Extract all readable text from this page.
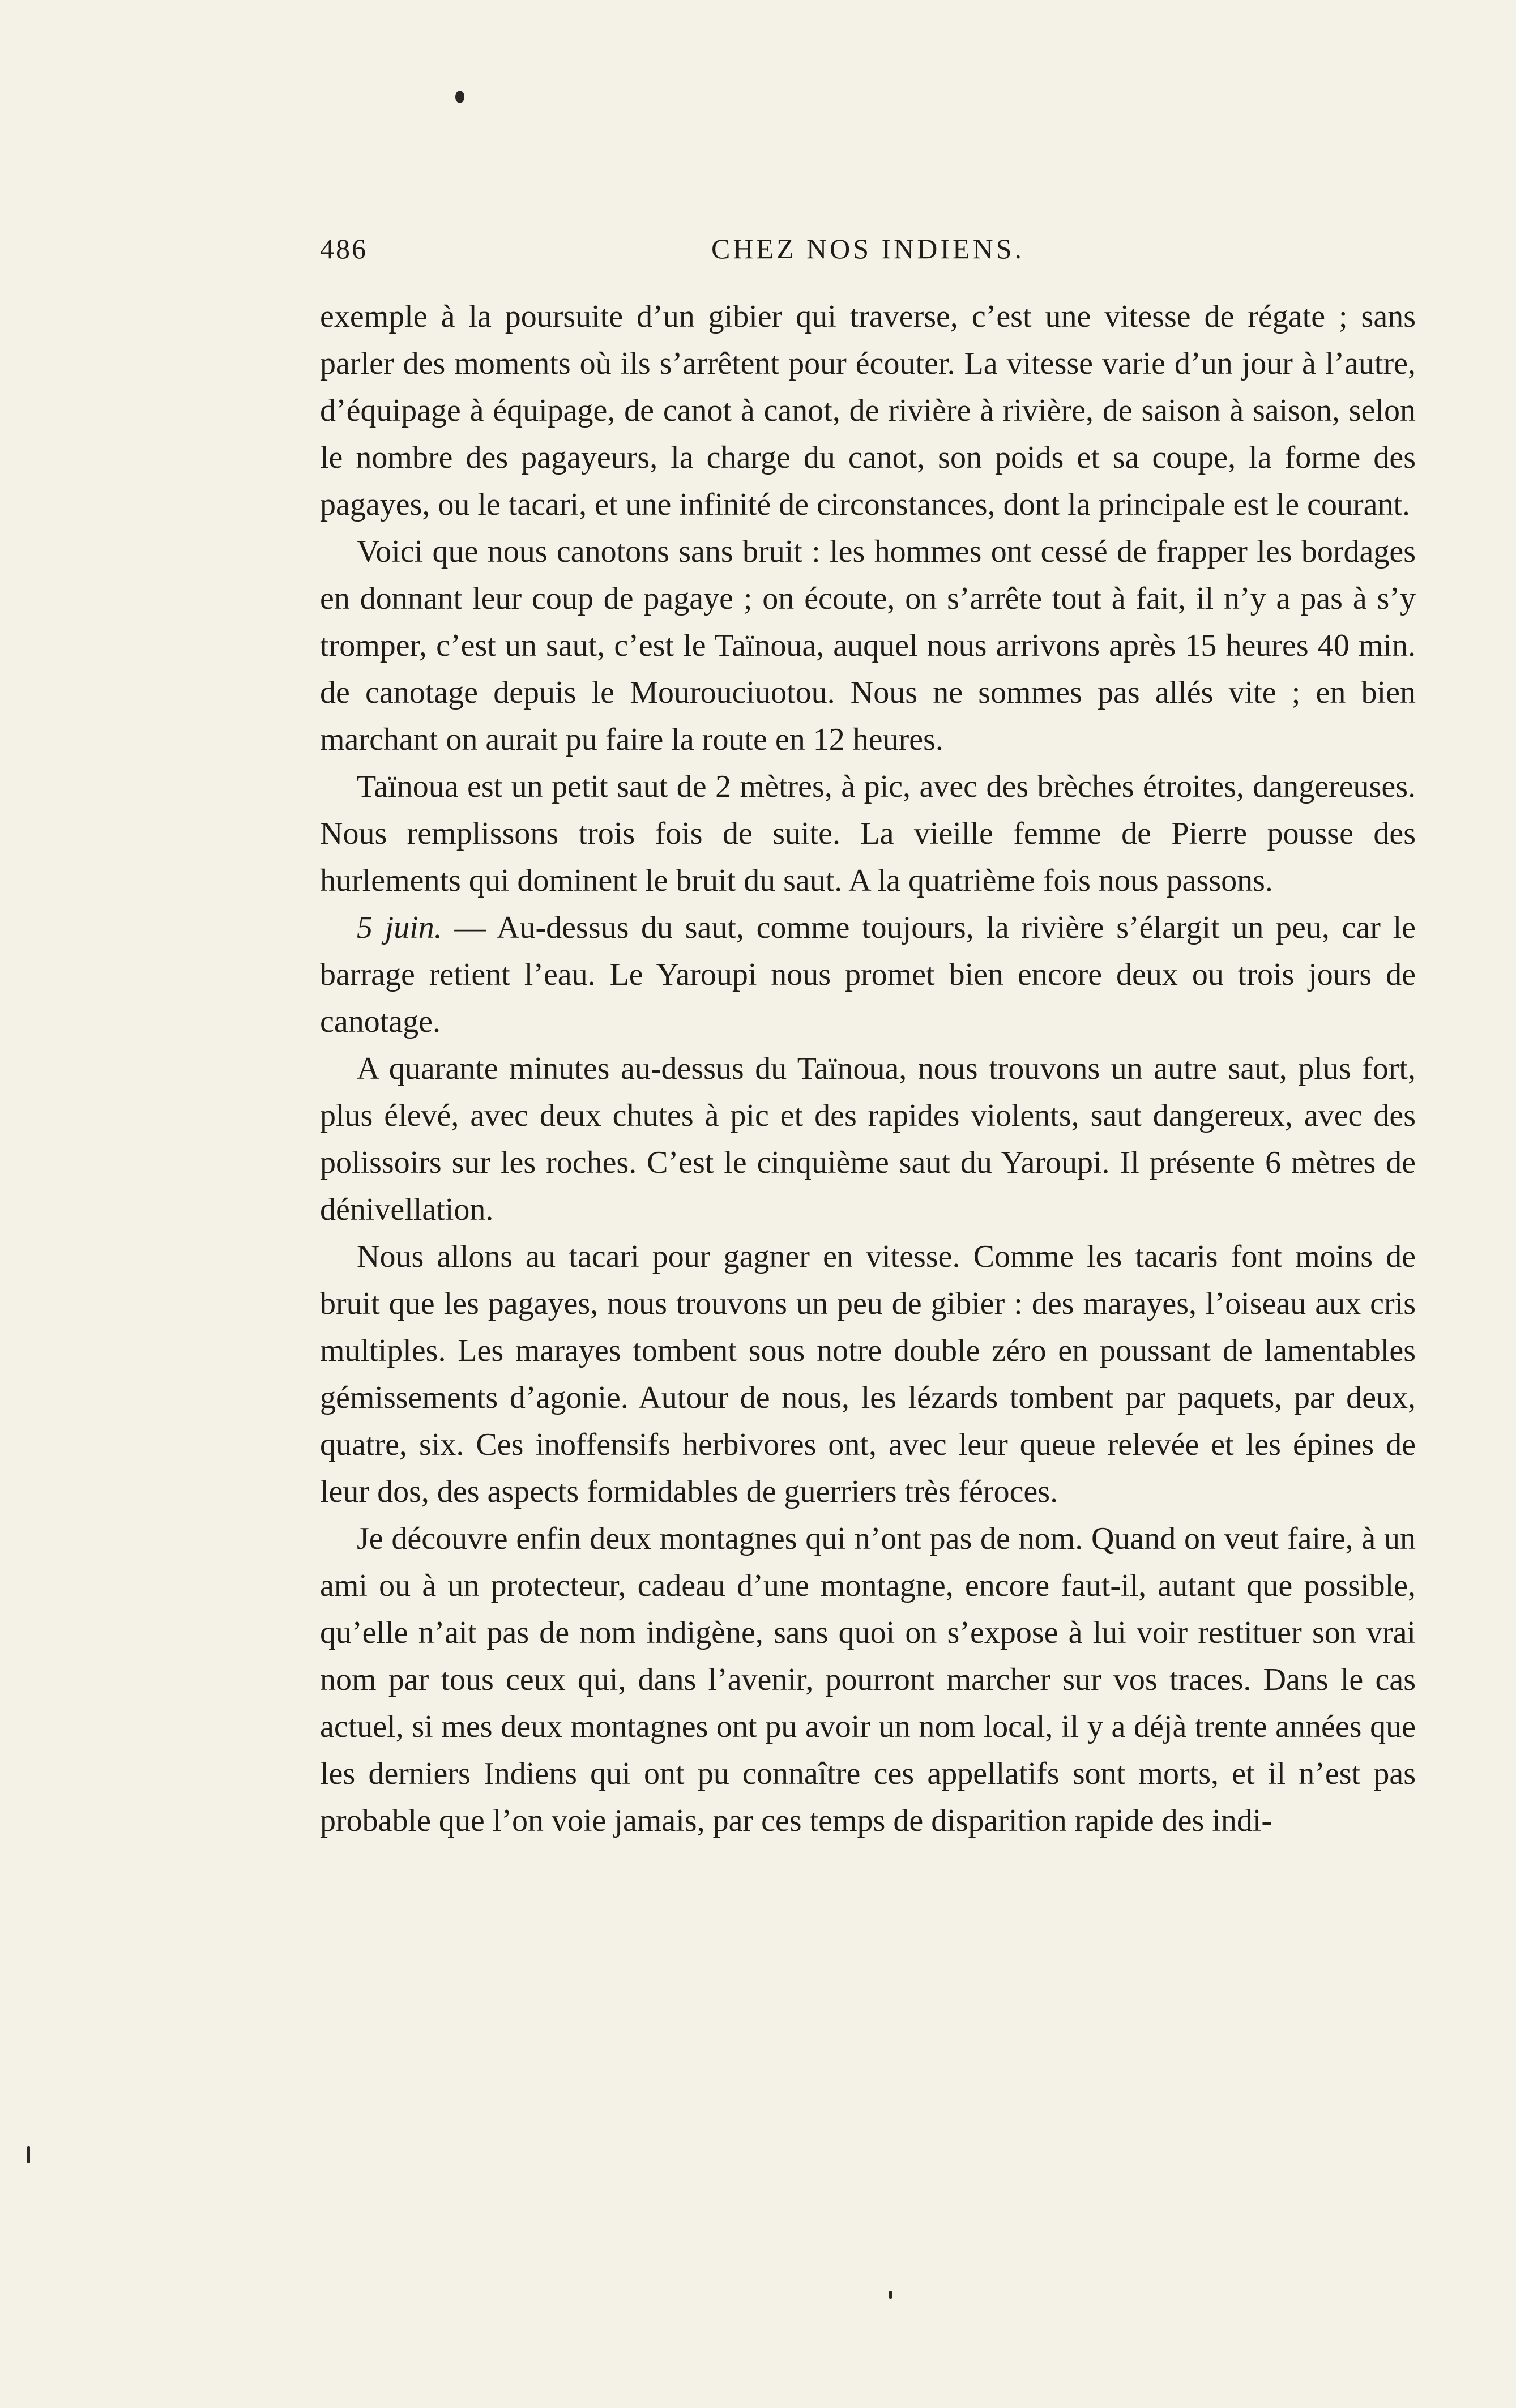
486	CHEZ NOS INDIENS.

exemple à la poursuite d’un gibier qui traverse, c’est une vitesse de régate ; sans parler des moments où ils s’arrêtent pour écouter. La vitesse varie d’un jour à l’autre, d’équipage à équipage, de canot à canot, de rivière à rivière, de saison à saison, selon le nombre des pagayeurs, la charge du canot, son poids et sa coupe, la forme des pagayes, ou le tacari, et une infinité de circonstances, dont la principale est le courant.

Voici que nous canotons sans bruit : les hommes ont cessé de frapper les bordages en donnant leur coup de pagaye ; on écoute, on s’arrête tout à fait, il n’y a pas à s’y tromper, c’est un saut, c’est le Taïnoua, auquel nous arrivons après 15 heures 40 min. de canotage depuis le Mourouciuotou. Nous ne sommes pas allés vite ; en bien marchant on aurait pu faire la route en 12 heures.

Taïnoua est un petit saut de 2 mètres, à pic, avec des brèches étroites, dangereuses. Nous remplissons trois fois de suite. La vieille femme de Pierre pousse des hurlements qui dominent le bruit du saut. A la quatrième fois nous passons.

5 juin. — Au-dessus du saut, comme toujours, la rivière s’élargit un peu, car le barrage retient l’eau. Le Yaroupi nous promet bien encore deux ou trois jours de canotage.

A quarante minutes au-dessus du Taïnoua, nous trouvons un autre saut, plus fort, plus élevé, avec deux chutes à pic et des rapides violents, saut dangereux, avec des polissoirs sur les roches. C’est le cinquième saut du Yaroupi. Il présente 6 mètres de dénivellation.

Nous allons au tacari pour gagner en vitesse. Comme les tacaris font moins de bruit que les pagayes, nous trouvons un peu de gibier : des marayes, l’oiseau aux cris multiples. Les marayes tombent sous notre double zéro en poussant de lamentables gémissements d’agonie. Autour de nous, les lézards tombent par paquets, par deux, quatre, six. Ces inoffensifs herbivores ont, avec leur queue relevée et les épines de leur dos, des aspects formidables de guerriers très féroces.

Je découvre enfin deux montagnes qui n’ont pas de nom. Quand on veut faire, à un ami ou à un protecteur, cadeau d’une montagne, encore faut-il, autant que possible, qu’elle n’ait pas de nom indigène, sans quoi on s’expose à lui voir restituer son vrai nom par tous ceux qui, dans l’avenir, pourront marcher sur vos traces. Dans le cas actuel, si mes deux montagnes ont pu avoir un nom local, il y a déjà trente années que les derniers Indiens qui ont pu connaître ces appellatifs sont morts, et il n’est pas probable que l’on voie jamais, par ces temps de disparition rapide des indi-
